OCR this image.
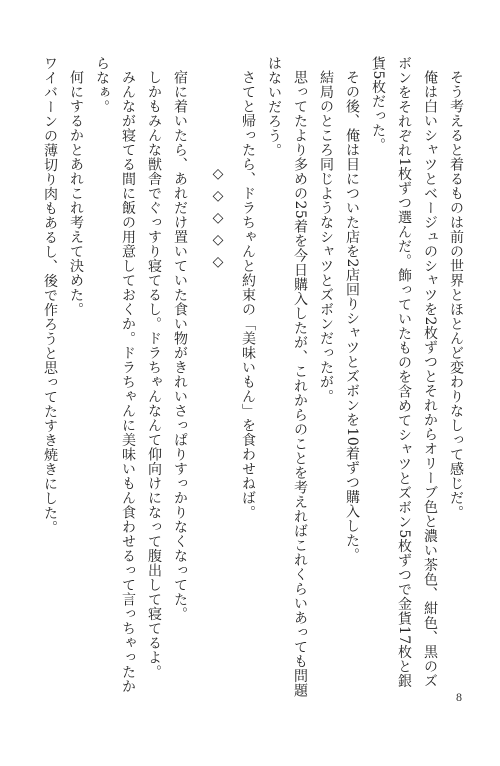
そう考えると着るものは前の世界とほとんど変わりなしって感じだ。
俺は白いシャツとベージュのシャツを2枚ずつとそれからオリーブ色と濃い茶色、紺色、黒のズ
ボンをそれぞれ1枚ずつ選んだ。飾っていたものを含めてシャツとズボン5枚ずつで金貨17枚と銀
貨5枚だった。
その後、俺は目についた店を2店回りシャツとズボンを10着ずつ購入した。
結局のところ同じようなシャツとズボンだったが。
思ってたより多めの25着を今日購入したが、これからのことを考えればこれくらいあっても問題
はないだろう。
さてと帰ったら、ドラちゃんと約束の「美味いもん」を食わせねば。
◇◇◇◇◇
宿に着いたら、あれだけ置いていた食い物がきれいさっぱりすっかりなくなってた。
しかもみんな獣舎でぐっすり寝てるし。ドラちゃんなんて仰向けになって腹出して寝てるよ。
みんなが寝てる間に飯の用意しておくか。ドラちゃんに美味いもん食わせるって言っちゃったか
らなぁ。
何にするかとあれこれ考えて決めた。
ワイバーンの薄切り肉もあるし、後で作ろうと思ってたすき焼きにした。
8
